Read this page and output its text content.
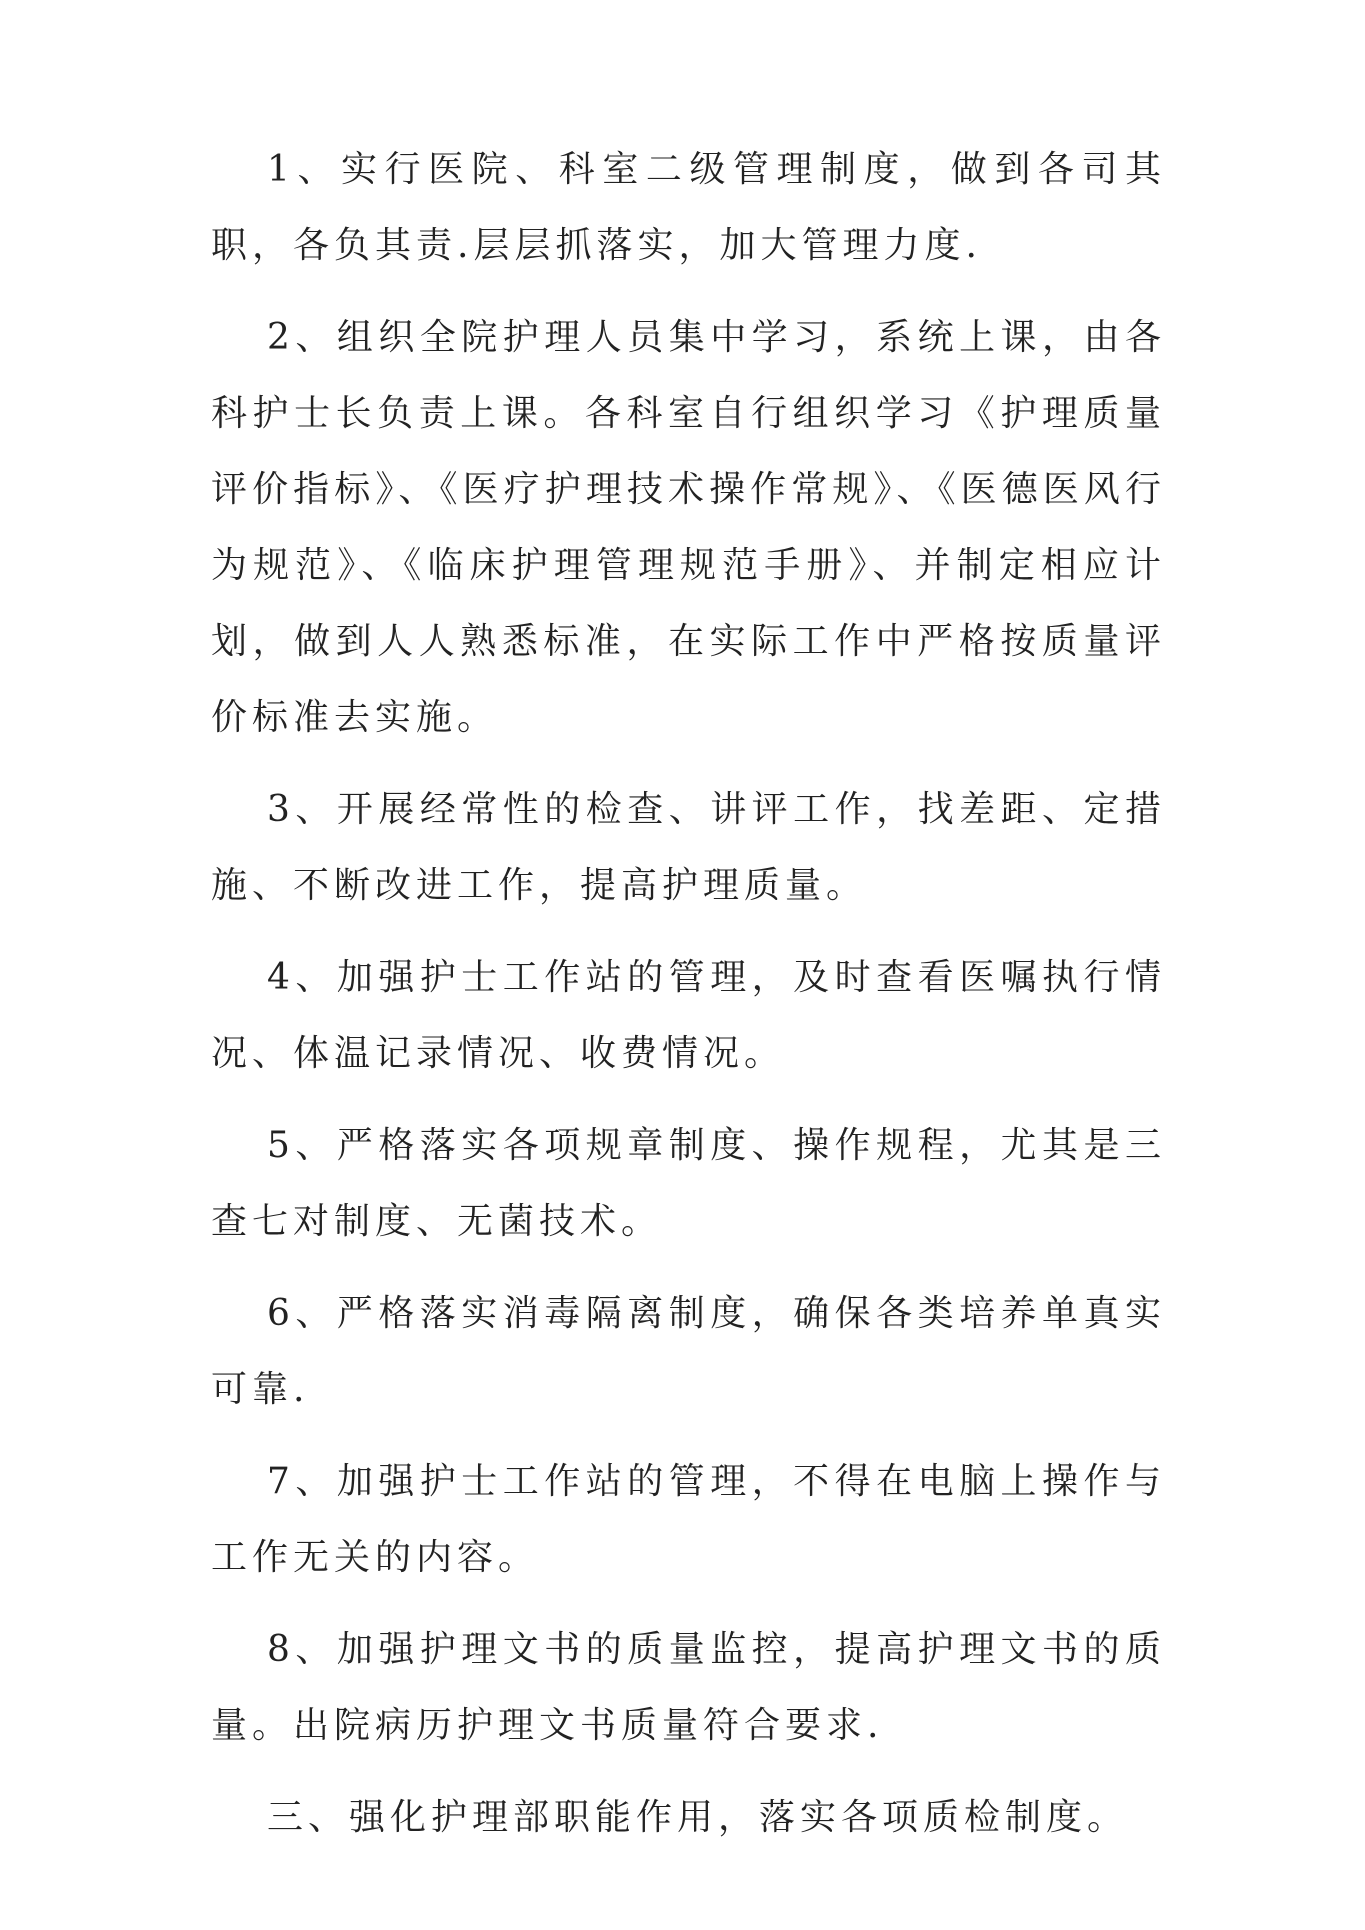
1、实行医院、科室二级管理制度，做到各司其职，各负其责.层层抓落实，加大管理力度.

2、组织全院护理人员集中学习，系统上课，由各科护士长负责上课。各科室自行组织学习《护理质量评价指标》、《医疗护理技术操作常规》、《医德医风行为规范》、《临床护理管理规范手册》、并制定相应计划，做到人人熟悉标准，在实际工作中严格按质量评价标准去实施。

3、开展经常性的检查、讲评工作，找差距、定措施、不断改进工作，提高护理质量。

4、加强护士工作站的管理，及时查看医嘱执行情况、体温记录情况、收费情况。

5、严格落实各项规章制度、操作规程，尤其是三查七对制度、无菌技术。

6、严格落实消毒隔离制度，确保各类培养单真实可靠.

7、加强护士工作站的管理，不得在电脑上操作与工作无关的内容。

8、加强护理文书的质量监控，提高护理文书的质量。出院病历护理文书质量符合要求.

三、强化护理部职能作用，落实各项质检制度。
